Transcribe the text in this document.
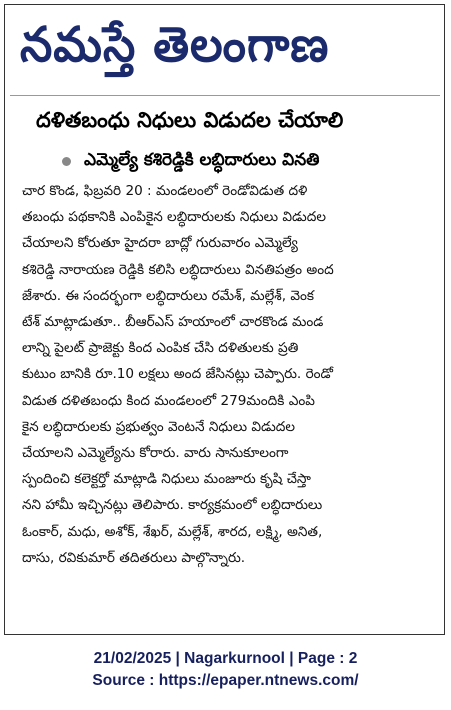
నమస్తే తెలంగాణ
దళితబంధు నిధులు విడుదల చేయాలి
ఎమ్మెల్యే కశిరెడ్డికి లబ్ధిదారులు వినతి
చార కొండ, ఫిబ్రవరి 20 : మండలంలో రెండోవిడుత దళి
తబంధు పథకానికి ఎంపికైన లబ్ధిదారులకు నిధులు విడుదల
చేయాలని కోరుతూ హైదరా బాద్లో గురువారం ఎమ్మెల్యే
కశిరెడ్డి నారాయణ రెడ్డికి కలిసి లబ్ధిదారులు వినతిపత్రం అంద
జేశారు. ఈ సందర్భంగా లబ్ధిదారులు రమేశ్, మల్లేశ్, వెంక
టేశ్ మాట్లాడుతూ.. బీఆర్ఎస్ హయాంలో చారకొండ మండ
లాన్ని పైలట్ ప్రాజెక్టు కింద ఎంపిక చేసి దళితులకు ప్రతి
కుటుం బానికి రూ.10 లక్షలు అంద జేసినట్లు చెప్పారు. రెండో
విడుత దళితబంధు కింద మండలంలో 279మందికి ఎంపి
కైన లబ్ధిదారులకు ప్రభుత్వం వెంటనే నిధులు విడుదల
చేయాలని ఎమ్మెల్యేను కోరారు. వారు సానుకూలంగా
స్పందించి కలెక్టర్తో మాట్లాడి నిధులు మంజూరు కృషి చేస్తా
నని హామీ ఇచ్చినట్లు తెలిపారు. కార్యక్రమంలో లబ్ధిదారులు
ఓంకార్, మధు, అశోక్, శేఖర్, మల్లేశ్, శారద, లక్ష్మి, అనిత,
దాసు, రవికుమార్ తదితరులు పాల్గొన్నారు.
21/02/2025 | Nagarkurnool | Page : 2
Source : https://epaper.ntnews.com/
